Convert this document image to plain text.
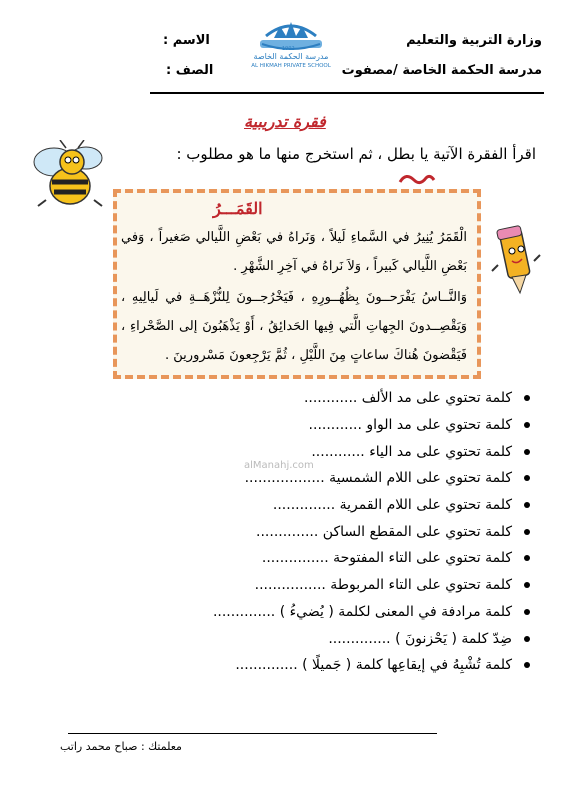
وزارة التربية والتعليم
مدرسة الحكمة الخاصة /مصفوت
الاسم :
الصف :
1992
مدرسة الحكمة الخاصة
AL HIKMAH PRIVATE SCHOOL
فقرة تدريبية
اقرأ الفقرة الآتية يا بطل ، ثم استخرج منها ما هو مطلوب :
القَمَـــرُ
الْقَمَرُ يُنِيرُ في السَّماءِ لَيلاً ، وَنَراهُ في بَعْضِ اللَّيالي صَغيراً ، وَفي بَعْضِ اللَّيالي كَبيراً ، وَلاَ نَراهُ في آخِرِ الشَّهْرِ .
وَالنَّــاسُ يَفْرَحــونَ بِظُهُــورِهِ ، فَيَخْرُجــونَ لِلنُّزْهَــةِ في لَيالِيهِ ، وَيَقْصِــدونَ الجِهاتِ الَّتي فِيها الحَدائِقُ ، أَوْ يَذْهَبُونَ إلى الصَّحْراءِ ، فَيَقْضونَ هُناكَ ساعاتٍ مِنَ اللَّيْلِ ، ثُمَّ يَرْجِعونَ مَسْرورينَ .
alManahj.com
كلمة تحتوي على مد الألف ............
كلمة تحتوي على مد الواو ............
كلمة تحتوي على مد الياء ............
كلمة تحتوي على اللام الشمسية ..................
كلمة تحتوي على اللام القمرية ..............
كلمة تحتوي على المقطع الساكن ..............
كلمة تحتوي على التاء المفتوحة ...............
كلمة تحتوي على التاء المربوطة ................
كلمة مرادفة في المعنى لكلمة ( يُضيءُ ) ..............
ضِدّ كلمة ( يَحْزنونَ ) ..............
كلمة تُشْبِهُ في إيقاعِها كلمة ( جَميلًا ) ..............
معلمتك : صباح محمد راتب
